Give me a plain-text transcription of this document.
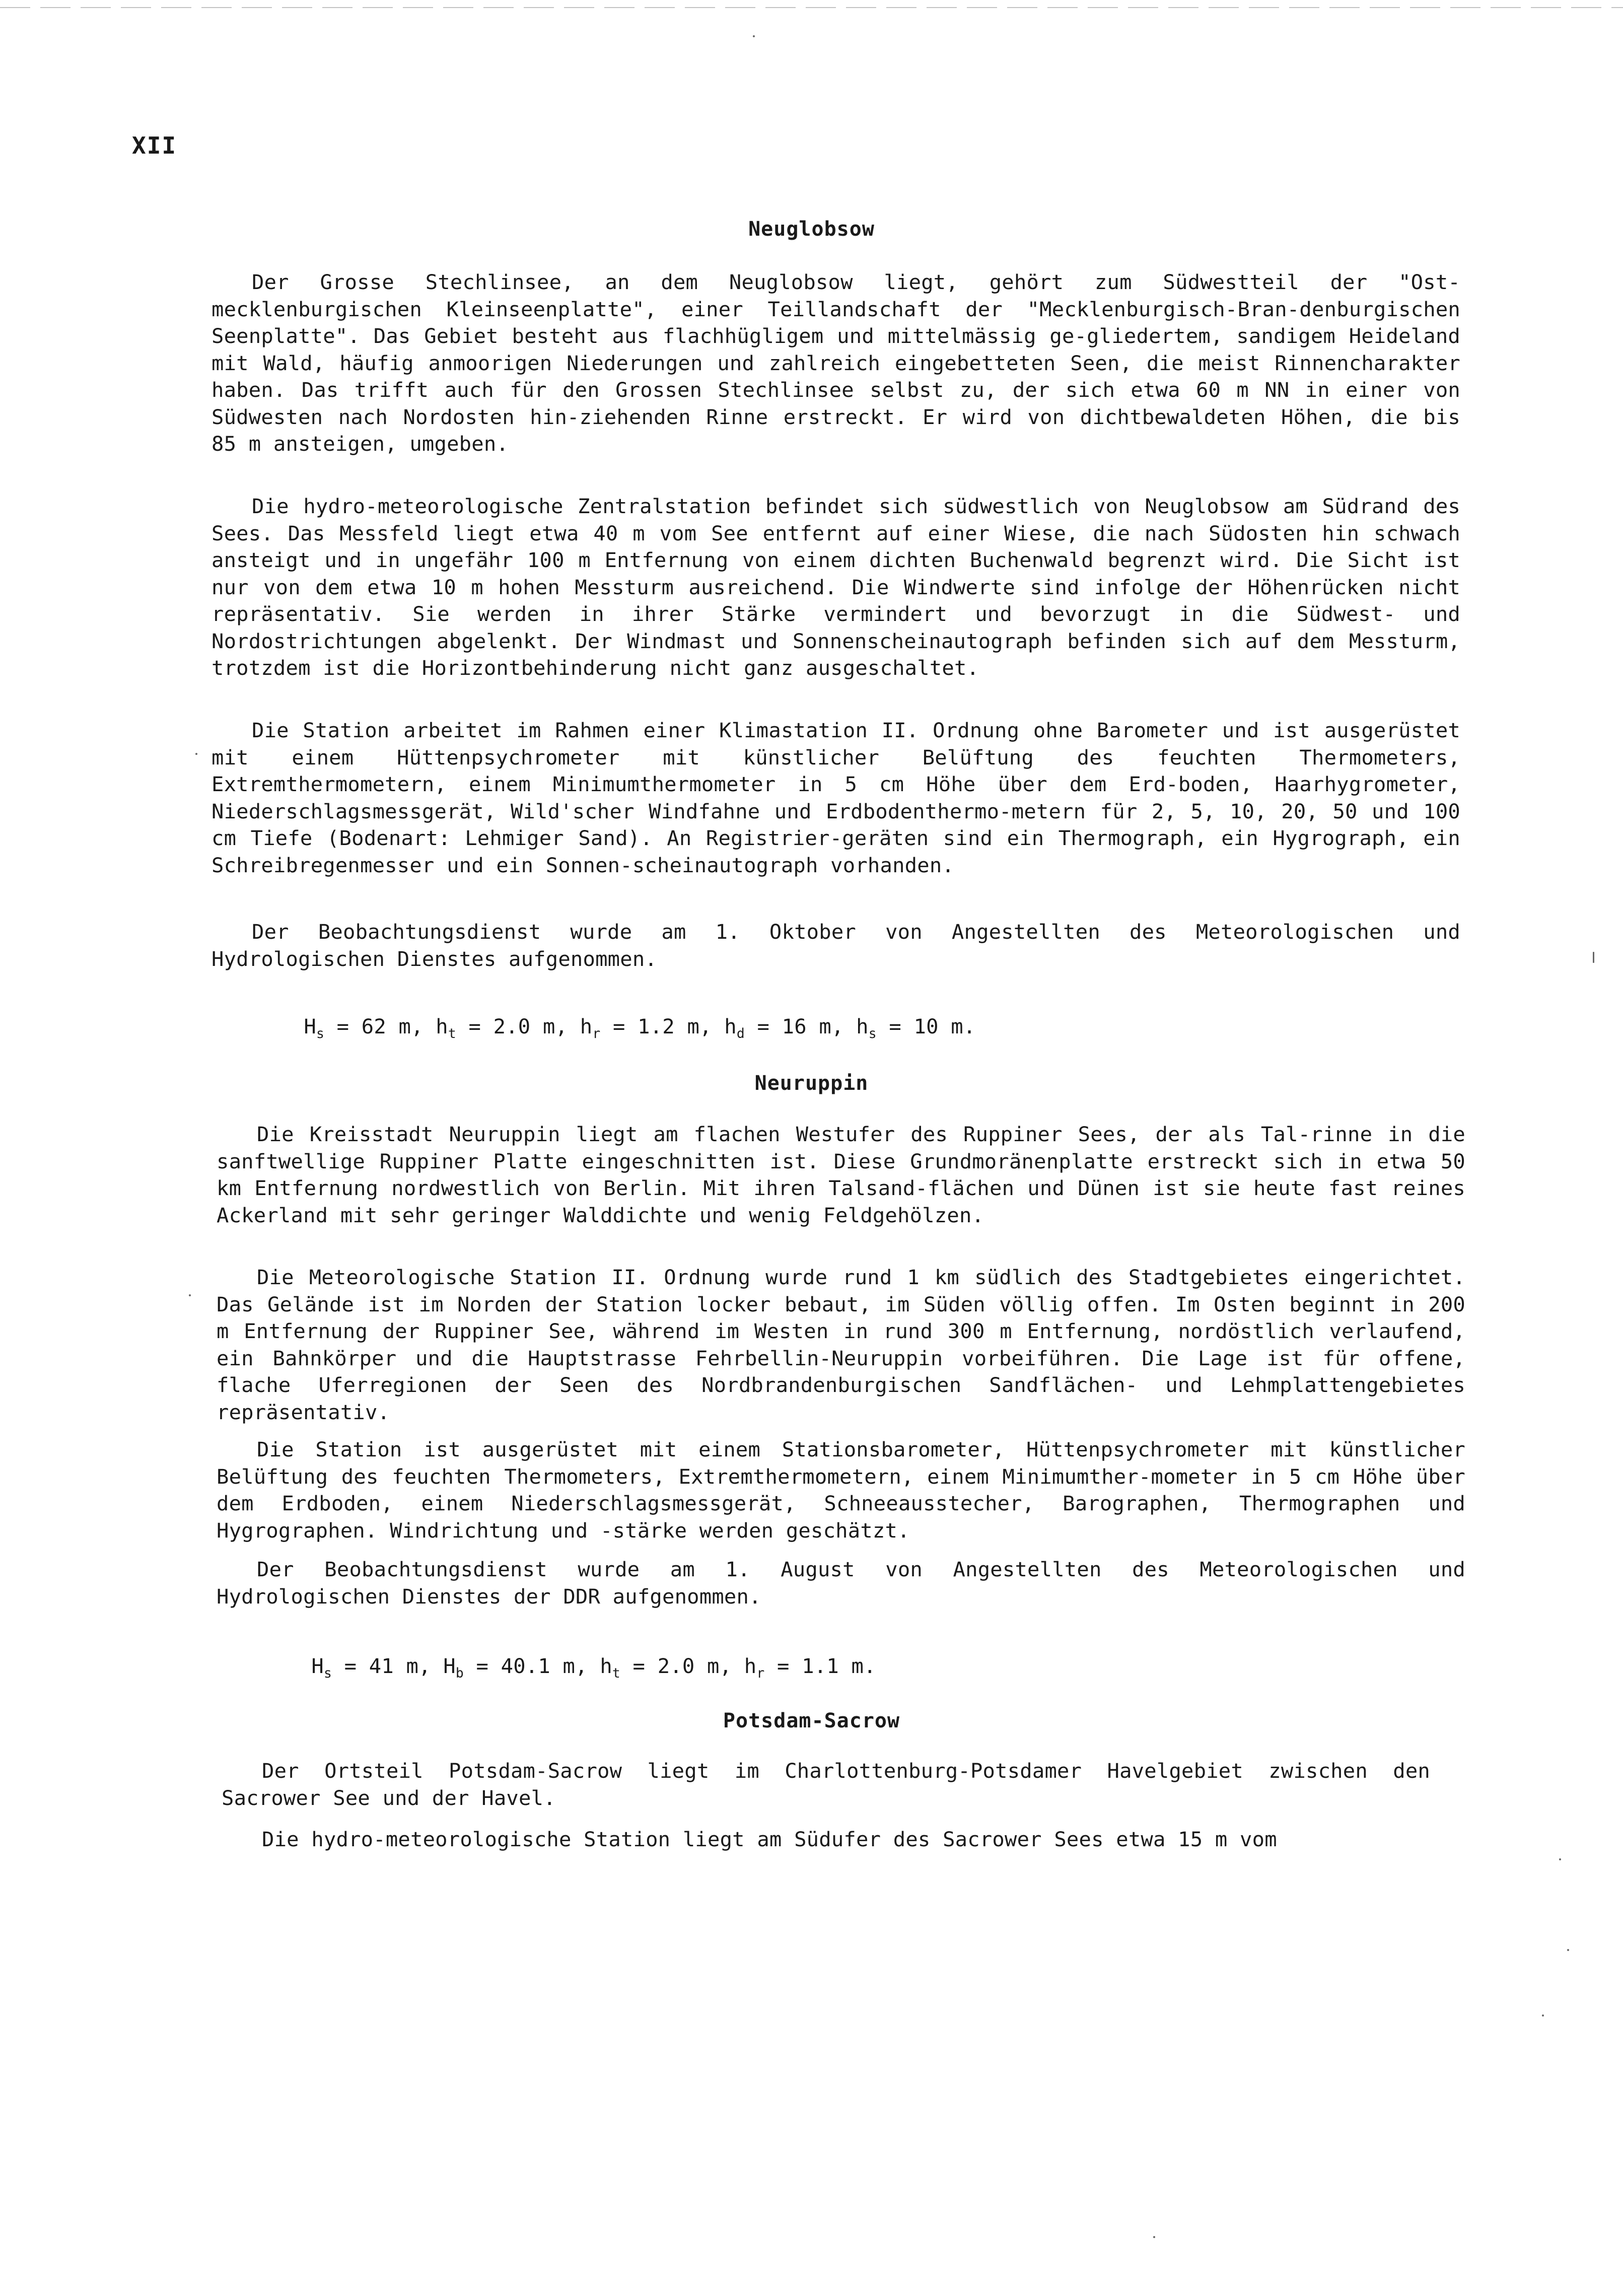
XII
Neuglobsow

Der Grosse Stechlinsee, an dem Neuglobsow liegt, gehört zum Südwestteil der "Ost-mecklenburgischen Kleinseenplatte", einer Teillandschaft der "Mecklenburgisch-Bran-denburgischen Seenplatte". Das Gebiet besteht aus flachhügligem und mittelmässig ge-gliedertem, sandigem Heideland mit Wald, häufig anmoorigen Niederungen und zahlreich eingebetteten Seen, die meist Rinnencharakter haben. Das trifft auch für den Grossen Stechlinsee selbst zu, der sich etwa 60 m NN in einer von Südwesten nach Nordosten hin-ziehenden Rinne erstreckt. Er wird von dichtbewaldeten Höhen, die bis 85 m ansteigen, umgeben.

Die hydro-meteorologische Zentralstation befindet sich südwestlich von Neuglobsow am Südrand des Sees. Das Messfeld liegt etwa 40 m vom See entfernt auf einer Wiese, die nach Südosten hin schwach ansteigt und in ungefähr 100 m Entfernung von einem dichten Buchenwald begrenzt wird. Die Sicht ist nur von dem etwa 10 m hohen Messturm ausreichend. Die Windwerte sind infolge der Höhenrücken nicht repräsentativ. Sie werden in ihrer Stärke vermindert und bevorzugt in die Südwest- und Nordostrichtungen abgelenkt. Der Windmast und Sonnenscheinautograph befinden sich auf dem Messturm, trotzdem ist die Horizontbehinderung nicht ganz ausgeschaltet.

Die Station arbeitet im Rahmen einer Klimastation II. Ordnung ohne Barometer und ist ausgerüstet mit einem Hüttenpsychrometer mit künstlicher Belüftung des feuchten Thermometers, Extremthermometern, einem Minimumthermometer in 5 cm Höhe über dem Erd-boden, Haarhygrometer, Niederschlagsmessgerät, Wild'scher Windfahne und Erdbodenthermo-metern für 2, 5, 10, 20, 50 und 100 cm Tiefe (Bodenart: Lehmiger Sand). An Registrier-geräten sind ein Thermograph, ein Hygrograph, ein Schreibregenmesser und ein Sonnen-scheinautograph vorhanden.

Der Beobachtungsdienst wurde am 1. Oktober von Angestellten des Meteorologischen und Hydrologischen Dienstes aufgenommen.

$H_s = 62$ m, $h_t = 2.0$ m, $h_r = 1.2$ m, $h_d = 16$ m, $h_s = 10$ m.

Neuruppin

Die Kreisstadt Neuruppin liegt am flachen Westufer des Ruppiner Sees, der als Tal-rinne in die sanftwellige Ruppiner Platte eingeschnitten ist. Diese Grundmoränenplatte erstreckt sich in etwa 50 km Entfernung nordwestlich von Berlin. Mit ihren Talsand-flächen und Dünen ist sie heute fast reines Ackerland mit sehr geringer Walddichte und wenig Feldgehölzen.

Die Meteorologische Station II. Ordnung wurde rund 1 km südlich des Stadtgebietes eingerichtet. Das Gelände ist im Norden der Station locker bebaut, im Süden völlig offen. Im Osten beginnt in 200 m Entfernung der Ruppiner See, während im Westen in rund 300 m Entfernung, nordöstlich verlaufend, ein Bahnkörper und die Hauptstrasse Fehrbellin-Neuruppin vorbeiführen. Die Lage ist für offene, flache Uferregionen der Seen des Nordbrandenburgischen Sandflächen- und Lehmplattengebietes repräsentativ.

Die Station ist ausgerüstet mit einem Stationsbarometer, Hüttenpsychrometer mit künstlicher Belüftung des feuchten Thermometers, Extremthermometern, einem Minimumther-mometer in 5 cm Höhe über dem Erdboden, einem Niederschlagsmessgerät, Schneeausstecher, Barographen, Thermographen und Hygrographen. Windrichtung und -stärke werden geschätzt.

Der Beobachtungsdienst wurde am 1. August von Angestellten des Meteorologischen und Hydrologischen Dienstes der DDR aufgenommen.

$H_s = 41$ m, $H_b = 40.1$ m, $h_t = 2.0$ m, $h_r = 1.1$ m.

Potsdam-Sacrow

Der Ortsteil Potsdam-Sacrow liegt im Charlottenburg-Potsdamer Havelgebiet zwischen den Sacrower See und der Havel.

Die hydro-meteorologische Station liegt am Südufer des Sacrower Sees etwa 15 m vom
